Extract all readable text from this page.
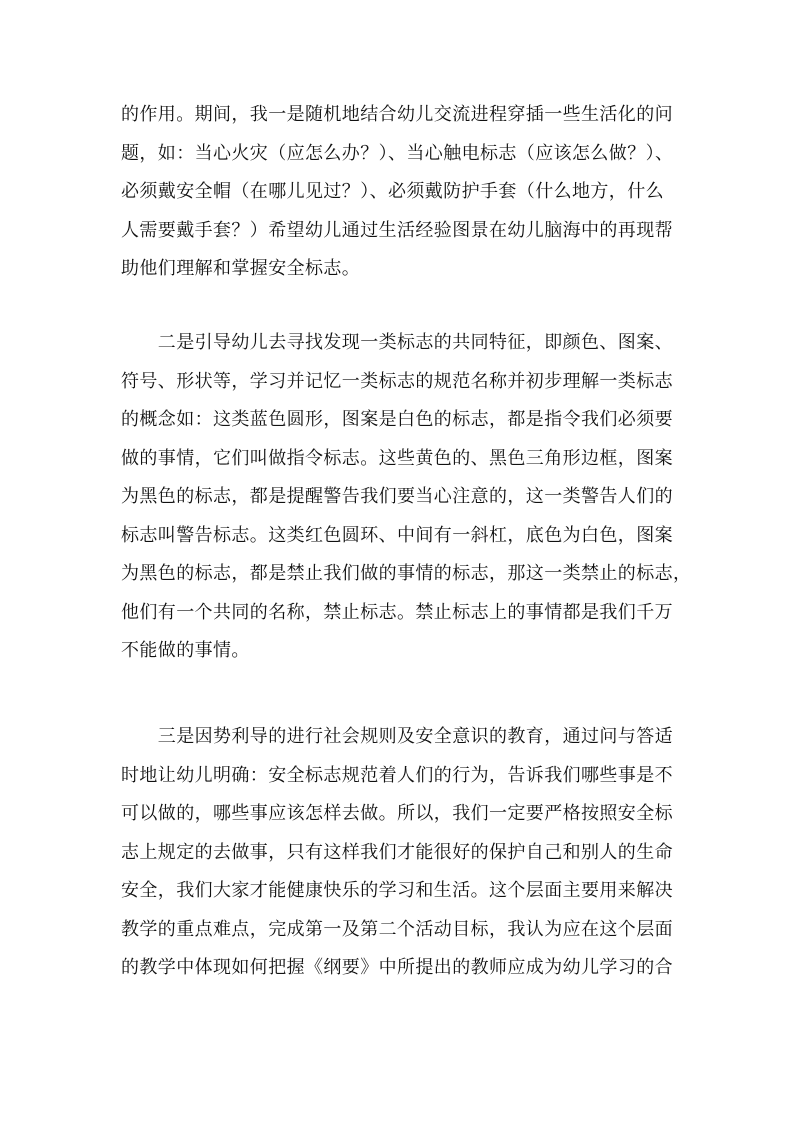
的作用。期间，我一是随机地结合幼儿交流进程穿插一些生活化的问
题，如：当心火灾（应怎么办？）、当心触电标志（应该怎么做？）、
必须戴安全帽（在哪儿见过？）、必须戴防护手套（什么地方，什么
人需要戴手套？）希望幼儿通过生活经验图景在幼儿脑海中的再现帮
助他们理解和掌握安全标志。
　　二是引导幼儿去寻找发现一类标志的共同特征，即颜色、图案、
符号、形状等，学习并记忆一类标志的规范名称并初步理解一类标志
的概念如：这类蓝色圆形，图案是白色的标志，都是指令我们必须要
做的事情，它们叫做指令标志。这些黄色的、黑色三角形边框，图案
为黑色的标志，都是提醒警告我们要当心注意的，这一类警告人们的
标志叫警告标志。这类红色圆环、中间有一斜杠，底色为白色，图案
为黑色的标志，都是禁止我们做的事情的标志，那这一类禁止的标志，
他们有一个共同的名称，禁止标志。禁止标志上的事情都是我们千万
不能做的事情。
　　三是因势利导的进行社会规则及安全意识的教育，通过问与答适
时地让幼儿明确：安全标志规范着人们的行为，告诉我们哪些事是不
可以做的，哪些事应该怎样去做。所以，我们一定要严格按照安全标
志上规定的去做事，只有这样我们才能很好的保护自己和别人的生命
安全，我们大家才能健康快乐的学习和生活。这个层面主要用来解决
教学的重点难点，完成第一及第二个活动目标，我认为应在这个层面
的教学中体现如何把握《纲要》中所提出的教师应成为幼儿学习的合
